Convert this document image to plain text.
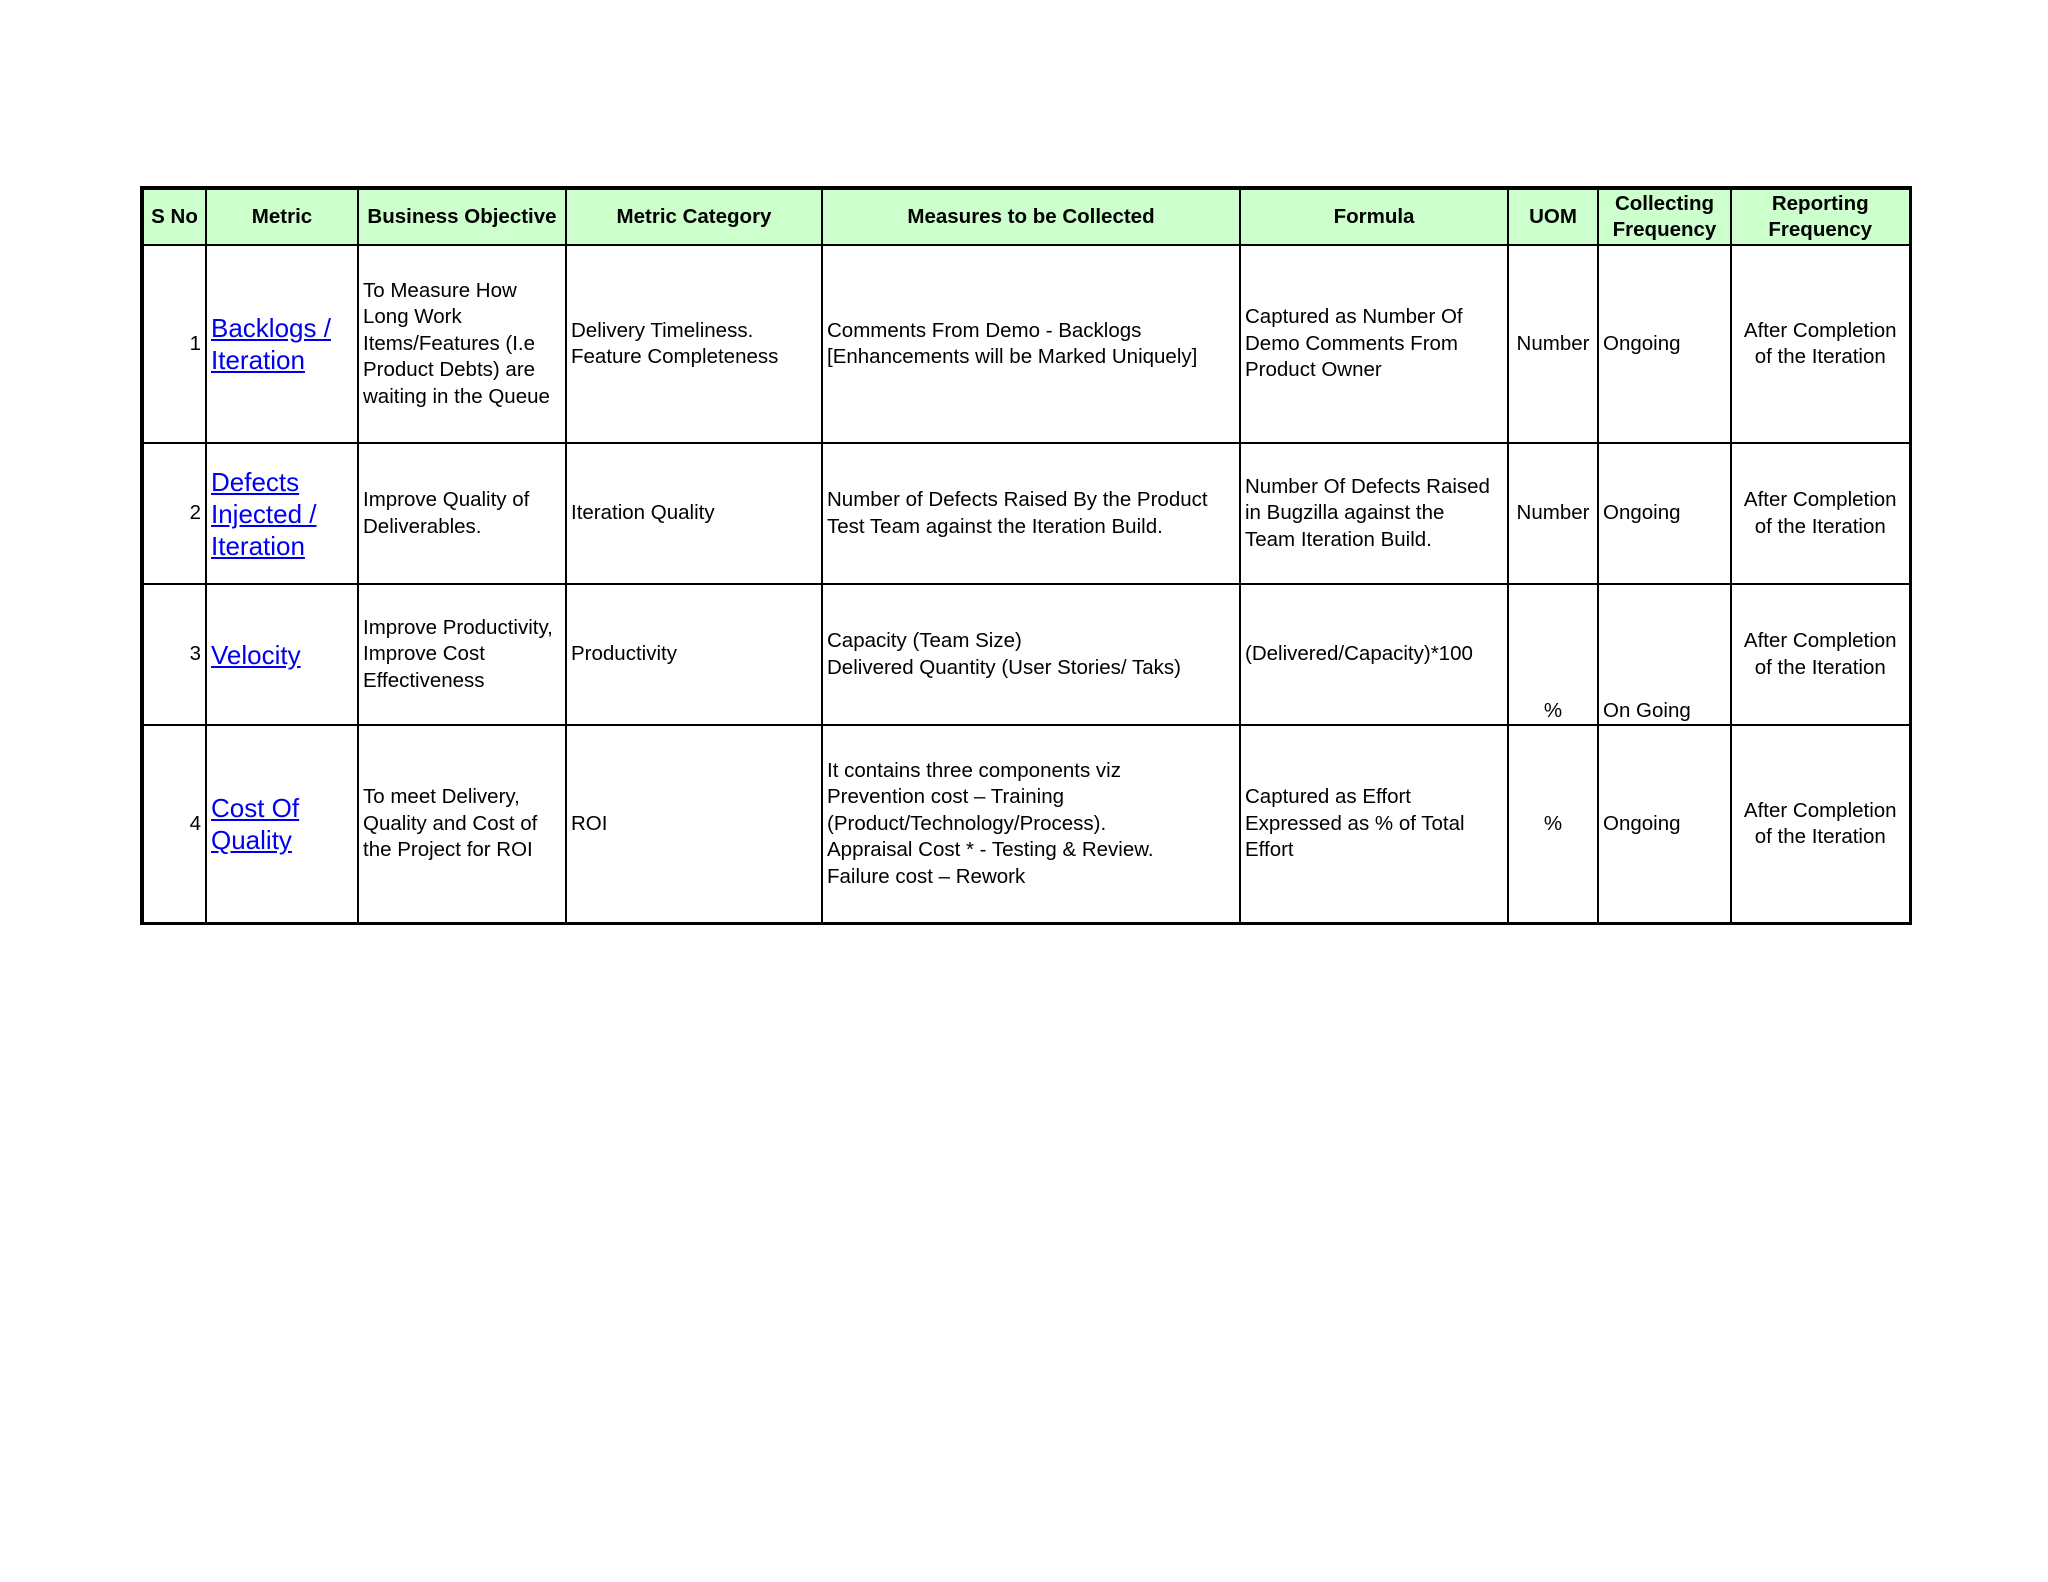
S No	Metric	Business Objective	Metric Category	Measures to be Collected	Formula	UOM	Collecting
Frequency	Reporting
Frequency

1	Backlogs /
Iteration	To Measure How
Long Work
Items/Features (I.e
Product Debts) are
waiting in the Queue	Delivery Timeliness.
Feature Completeness	Comments From Demo - Backlogs
[Enhancements will be Marked Uniquely]	Captured as Number Of
Demo Comments From
Product Owner	Number	Ongoing	After Completion
of the Iteration

2	Defects
Injected /
Iteration	Improve Quality of
Deliverables.	Iteration Quality	Number of Defects Raised By the Product
Test Team against the Iteration Build.	Number Of Defects Raised
in Bugzilla against the
Team Iteration Build.	Number	Ongoing	After Completion
of the Iteration

3	Velocity	Improve Productivity,
Improve Cost
Effectiveness	Productivity	Capacity (Team Size)
Delivered Quantity (User Stories/ Taks)	(Delivered/Capacity)*100	%	On Going	After Completion
of the Iteration

4	Cost Of
Quality	To meet Delivery,
Quality and Cost of
the Project for ROI	ROI	It contains three components viz
Prevention cost – Training
(Product/Technology/Process).
Appraisal Cost * - Testing & Review.
Failure cost – Rework	Captured as Effort
Expressed as % of Total
Effort	%	Ongoing	After Completion
of the Iteration
